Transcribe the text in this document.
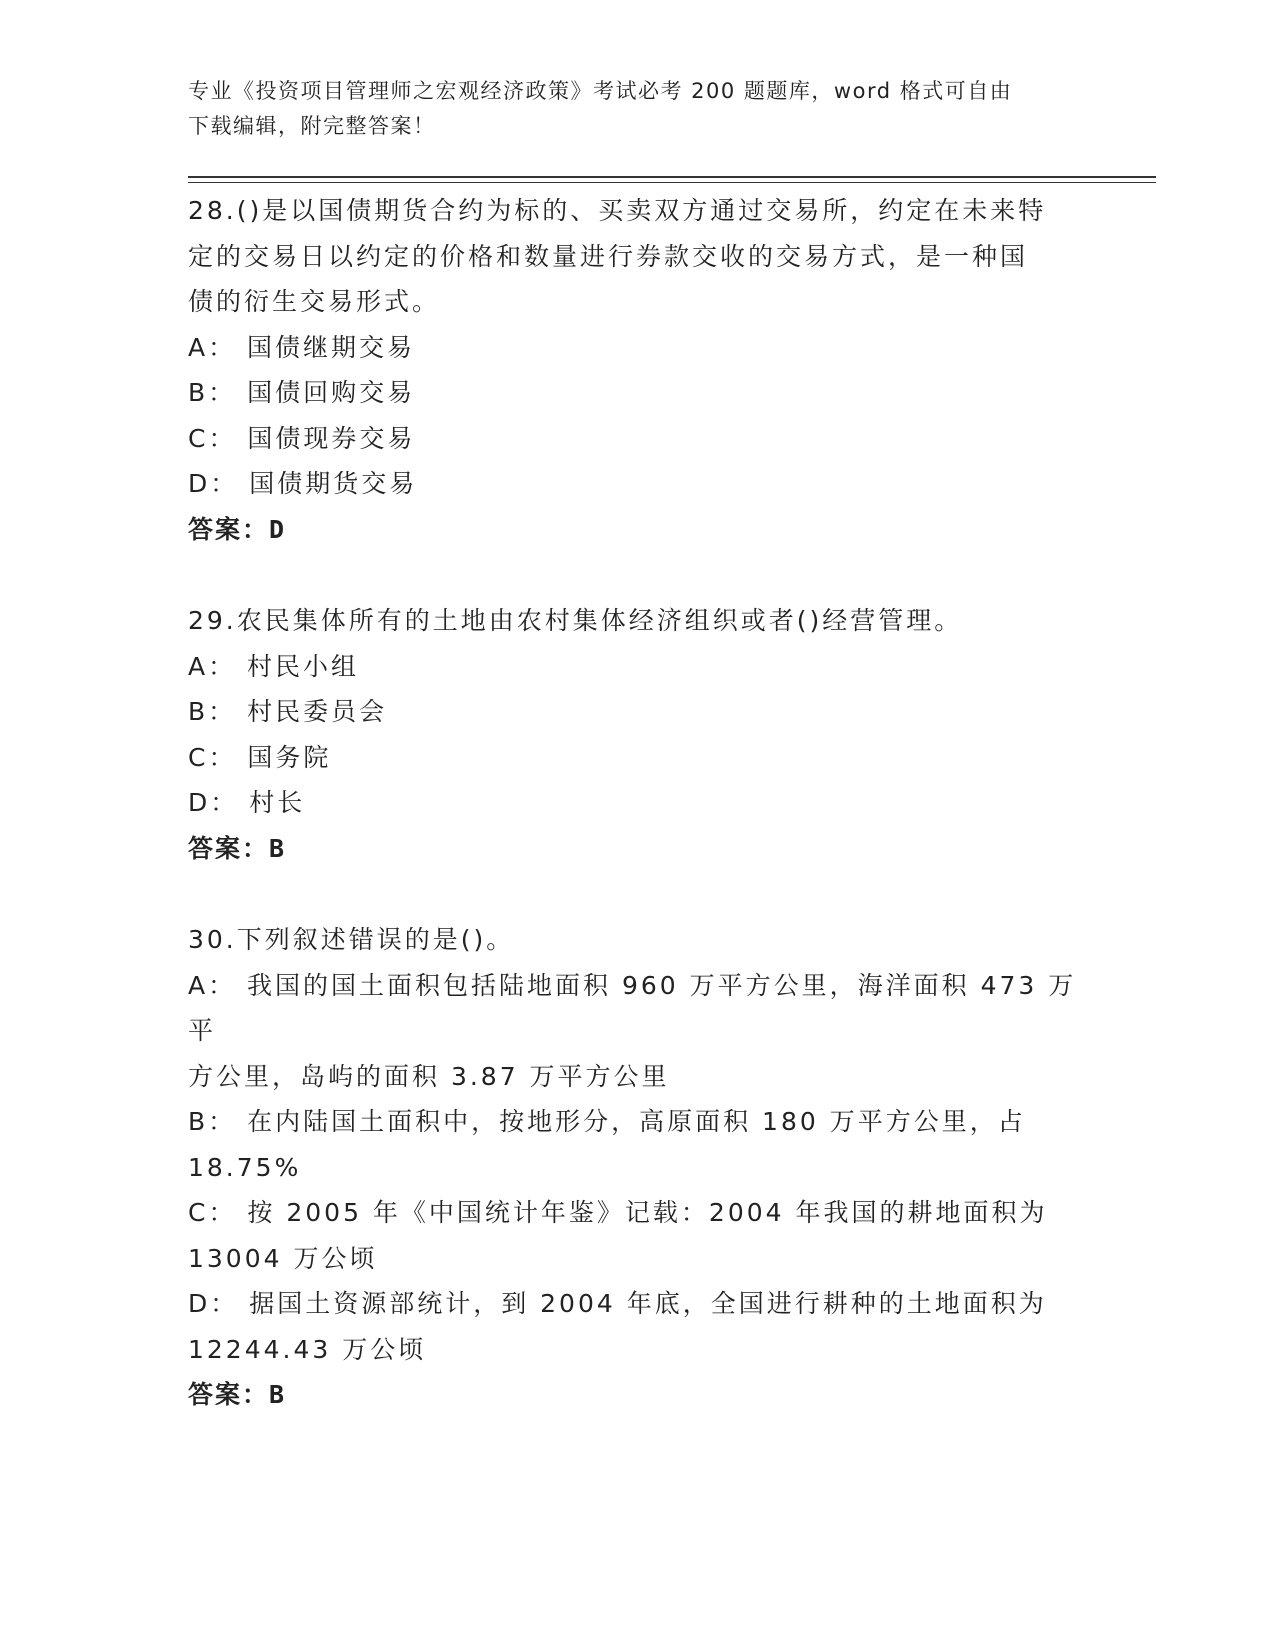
专业《投资项目管理师之宏观经济政策》考试必考 200 题题库，word 格式可自由
下载编辑，附完整答案！
28.()是以国债期货合约为标的、买卖双方通过交易所，约定在未来特
定的交易日以约定的价格和数量进行券款交收的交易方式，是一种国
债的衍生交易形式。
A： 国债继期交易
B： 国债回购交易
C： 国债现券交易
D： 国债期货交易
答案：D
29.农民集体所有的土地由农村集体经济组织或者()经营管理。
A： 村民小组
B： 村民委员会
C： 国务院
D： 村长
答案：B
30.下列叙述错误的是()。
A： 我国的国土面积包括陆地面积 960 万平方公里，海洋面积 473 万平
方公里，岛屿的面积 3.87 万平方公里
B： 在内陆国土面积中，按地形分，高原面积 180 万平方公里，占
18.75%
C： 按 2005 年《中国统计年鉴》记载：2004 年我国的耕地面积为
13004 万公顷
D： 据国土资源部统计，到 2004 年底，全国进行耕种的土地面积为
12244.43 万公顷
答案：B
